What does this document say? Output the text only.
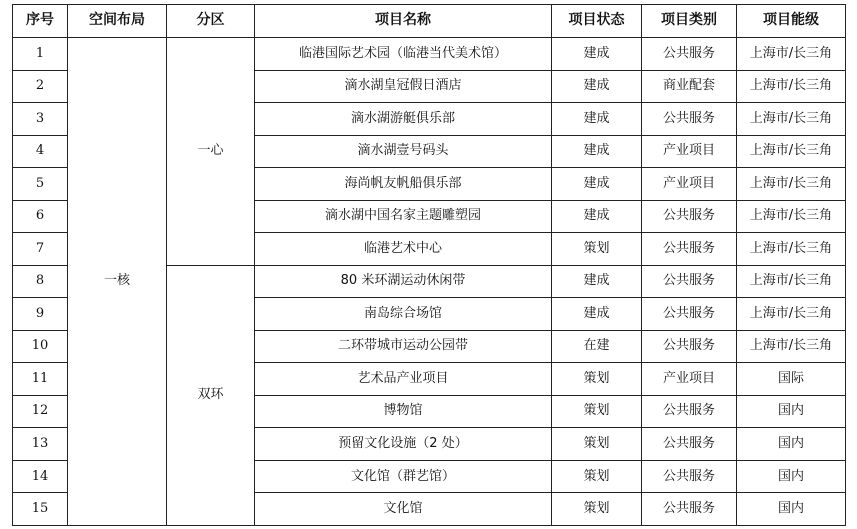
序号	空间布局	分区	项目名称	项目状态	项目类别	项目能级
1	一核	一心	临港国际艺术园（临港当代美术馆）	建成	公共服务	上海市/长三角
2			滴水湖皇冠假日酒店	建成	商业配套	上海市/长三角
3			滴水湖游艇俱乐部	建成	公共服务	上海市/长三角
4			滴水湖壹号码头	建成	产业项目	上海市/长三角
5			海尚帆友帆船俱乐部	建成	产业项目	上海市/长三角
6			滴水湖中国名家主题雕塑园	建成	公共服务	上海市/长三角
7			临港艺术中心	策划	公共服务	上海市/长三角
8		双环	80 米环湖运动休闲带	建成	公共服务	上海市/长三角
9			南岛综合场馆	建成	公共服务	上海市/长三角
10			二环带城市运动公园带	在建	公共服务	上海市/长三角
11			艺术品产业项目	策划	产业项目	国际
12			博物馆	策划	公共服务	国内
13			预留文化设施（2 处）	策划	公共服务	国内
14			文化馆（群艺馆）	策划	公共服务	国内
15			文化馆	策划	公共服务	国内
